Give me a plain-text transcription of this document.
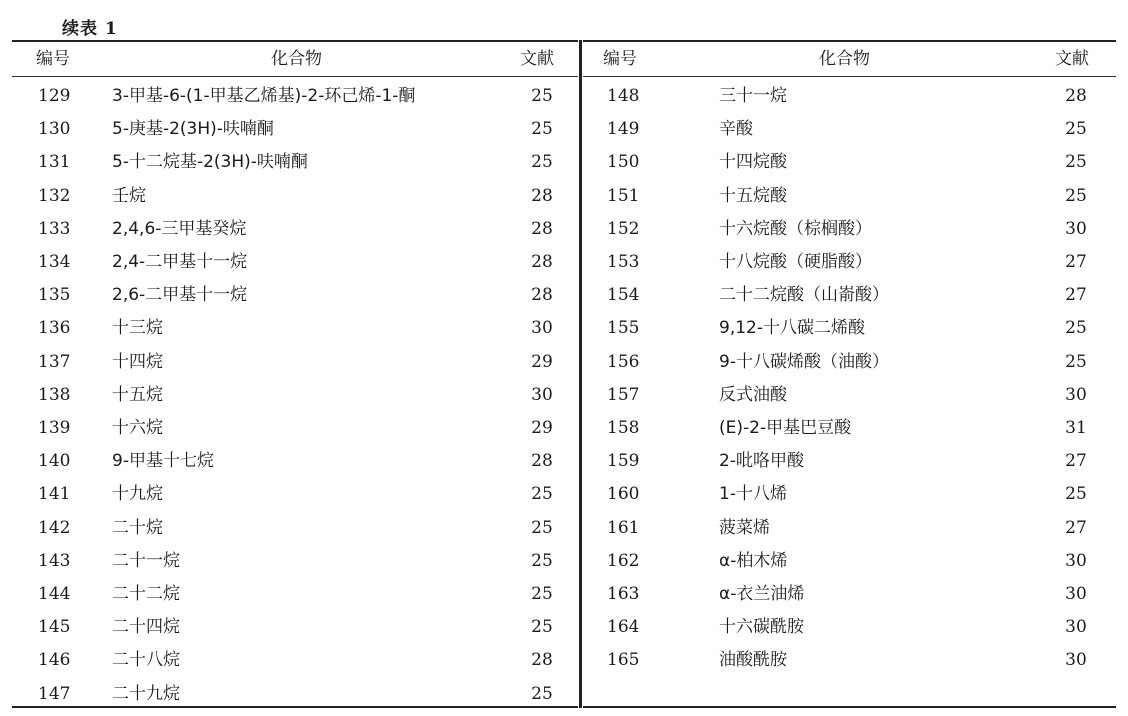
续表 1
编号	化合物	文献
129 3-甲基-6-(1-甲基乙烯基)-2-环己烯-1-酮	25
130 5-庚基-2(3H)-呋喃酮	25
131 5-十二烷基-2(3H)-呋喃酮	25
132 壬烷	28
133 2,4,6-三甲基癸烷	28
134 2,4-二甲基十一烷	28
135 2,6-二甲基十一烷	28
136 十三烷	30
137 十四烷	29
138 十五烷	30
139 十六烷	29
140 9-甲基十七烷	28
141 十九烷	25
142 二十烷	25
143 二十一烷	25
144 二十二烷	25
145 二十四烷	25
146 二十八烷	28
147 二十九烷	25
编号	化合物	文献
148	三十一烷	28
149	辛酸	25
150	十四烷酸	25
151	十五烷酸	25
152	十六烷酸（棕榈酸）	30
153	十八烷酸（硬脂酸）	27
154	二十二烷酸（山嵛酸）	27
155	9,12-十八碳二烯酸	25
156	9-十八碳烯酸（油酸）	25
157	反式油酸	30
158	(E)-2-甲基巴豆酸	31
159	2-吡咯甲酸	27
160	1-十八烯	25
161	菠菜烯	27
162	α-柏木烯	30
163	α-衣兰油烯	30
164	十六碳酰胺	30
165	油酸酰胺	30
